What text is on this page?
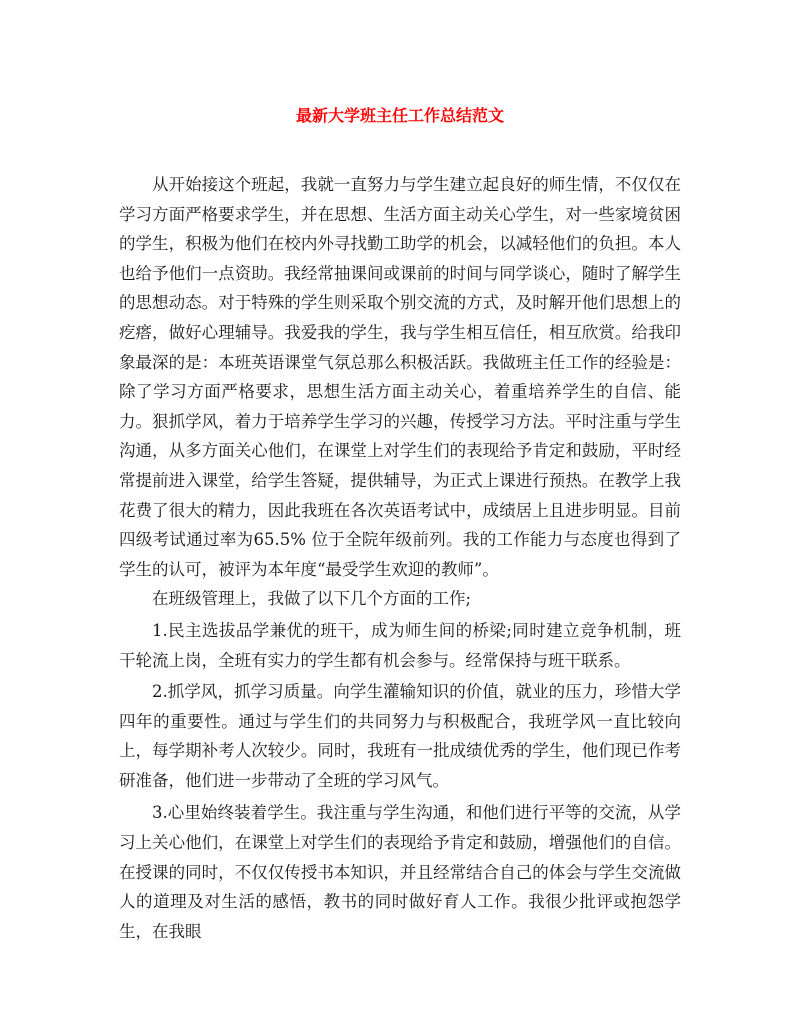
最新大学班主任工作总结范文

从开始接这个班起，我就一直努力与学生建立起良好的师生情，不仅仅在学习方面严格要求学生，并在思想、生活方面主动关心学生，对一些家境贫困的学生，积极为他们在校内外寻找勤工助学的机会，以减轻他们的负担。本人也给予他们一点资助。我经常抽课间或课前的时间与同学谈心，随时了解学生的思想动态。对于特殊的学生则采取个别交流的方式，及时解开他们思想上的疙瘩，做好心理辅导。我爱我的学生，我与学生相互信任，相互欣赏。给我印象最深的是：本班英语课堂气氛总那么积极活跃。我做班主任工作的经验是：除了学习方面严格要求，思想生活方面主动关心，着重培养学生的自信、能力。狠抓学风，着力于培养学生学习的兴趣，传授学习方法。平时注重与学生沟通，从多方面关心他们，在课堂上对学生们的表现给予肯定和鼓励，平时经常提前进入课堂，给学生答疑，提供辅导，为正式上课进行预热。在教学上我花费了很大的精力，因此我班在各次英语考试中，成绩居上且进步明显。目前四级考试通过率为65.5% 位于全院年级前列。我的工作能力与态度也得到了学生的认可，被评为本年度“最受学生欢迎的教师”。

在班级管理上，我做了以下几个方面的工作;

1.民主选拔品学兼优的班干，成为师生间的桥梁;同时建立竞争机制，班干轮流上岗，全班有实力的学生都有机会参与。经常保持与班干联系。

2.抓学风，抓学习质量。向学生灌输知识的价值，就业的压力，珍惜大学四年的重要性。通过与学生们的共同努力与积极配合，我班学风一直比较向上，每学期补考人次较少。同时，我班有一批成绩优秀的学生，他们现已作考研准备，他们进一步带动了全班的学习风气。

3.心里始终装着学生。我注重与学生沟通，和他们进行平等的交流，从学习上关心他们，在课堂上对学生们的表现给予肯定和鼓励，增强他们的自信。在授课的同时，不仅仅传授书本知识，并且经常结合自己的体会与学生交流做人的道理及对生活的感悟，教书的同时做好育人工作。我很少批评或抱怨学生，在我眼
